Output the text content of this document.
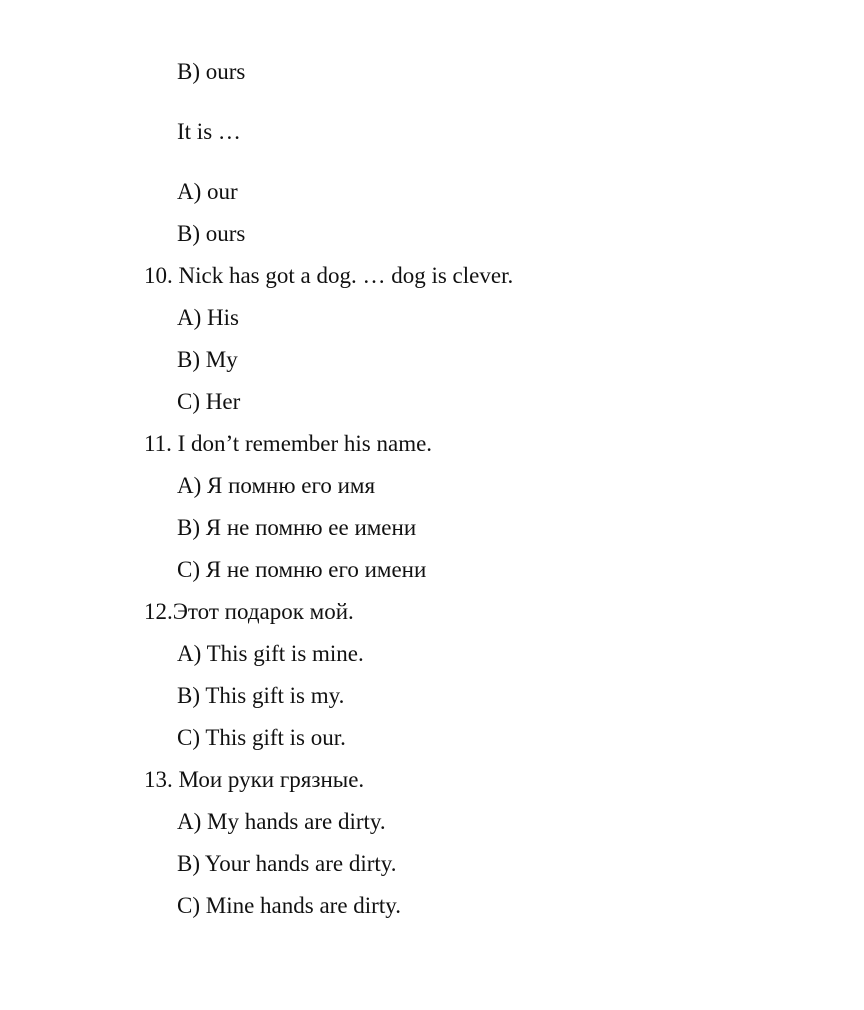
B) ours
It is …
A) our
B) ours
10. Nick has got a dog. … dog is clever.
A) His
B) My
C) Her
11. I don’t remember his name.
A) Я помню его имя
B) Я не помню ее имени
C) Я не помню его имени
12.Этот подарок мой.
A) This gift is mine.
B) This gift is my.
C) This gift is our.
13. Мои руки грязные.
A) My hands are dirty.
B) Your hands are dirty.
C) Mine hands are dirty.
